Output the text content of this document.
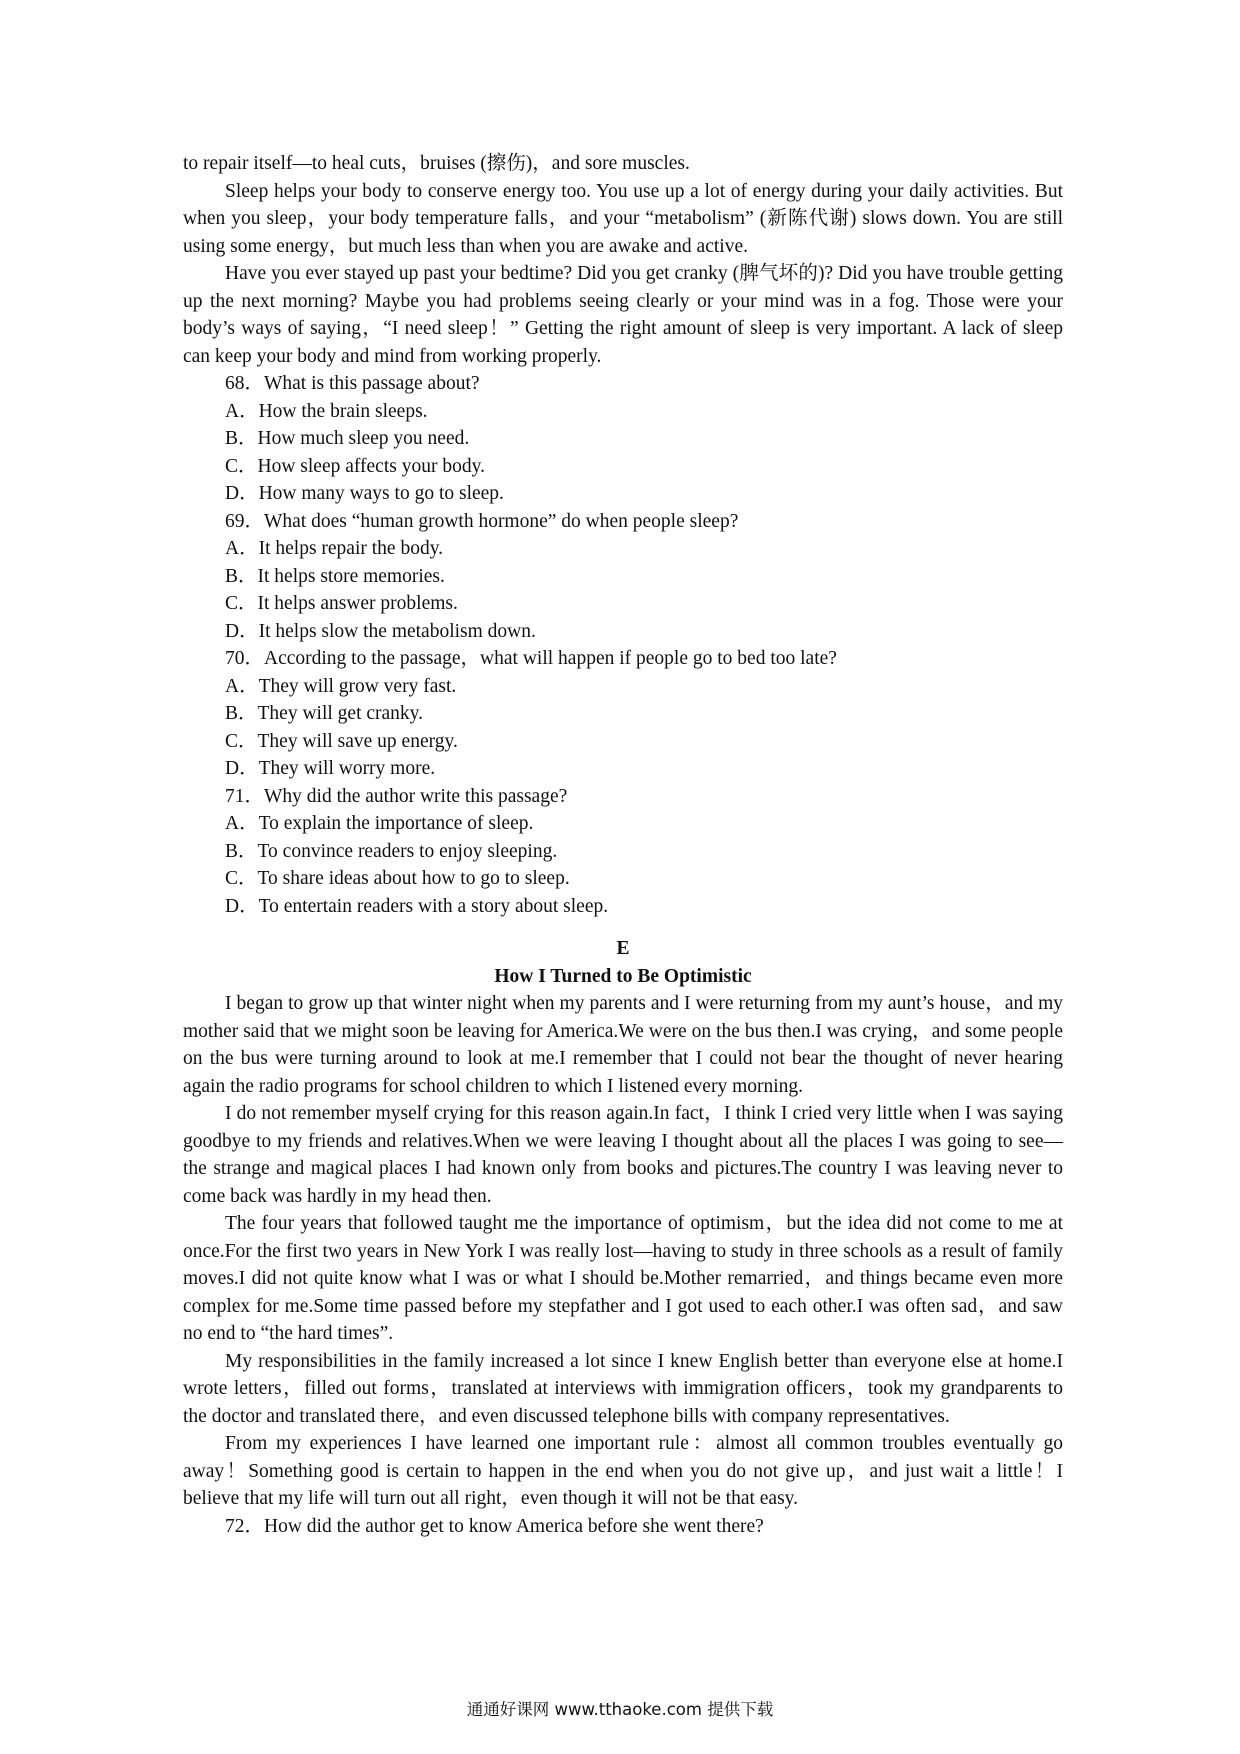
to repair itself—to heal cuts，bruises (擦伤)，and sore muscles.

Sleep helps your body to conserve energy too. You use up a lot of energy during your daily activities. But when you sleep，your body temperature falls，and your “metabolism” (新陈代谢) slows down. You are still using some energy，but much less than when you are awake and active.

Have you ever stayed up past your bedtime? Did you get cranky (脾气坏的)? Did you have trouble getting up the next morning? Maybe you had problems seeing clearly or your mind was in a fog. Those were your body’s ways of saying，“I need sleep！” Getting the right amount of sleep is very important. A lack of sleep can keep your body and mind from working properly.

68．What is this passage about?

A．How the brain sleeps.

B．How much sleep you need.

C．How sleep affects your body.

D．How many ways to go to sleep.

69．What does “human growth hormone” do when people sleep?

A．It helps repair the body.

B．It helps store memories.

C．It helps answer problems.

D．It helps slow the metabolism down.

70．According to the passage，what will happen if people go to bed too late?

A．They will grow very fast.

B．They will get cranky.

C．They will save up energy.

D．They will worry more.

71．Why did the author write this passage?

A．To explain the importance of sleep.

B．To convince readers to enjoy sleeping.

C．To share ideas about how to go to sleep.

D．To entertain readers with a story about sleep.

E

How I Turned to Be Optimistic

I began to grow up that winter night when my parents and I were returning from my aunt’s house，and my mother said that we might soon be leaving for America.We were on the bus then.I was crying，and some people on the bus were turning around to look at me.I remember that I could not bear the thought of never hearing again the radio programs for school children to which I listened every morning.

I do not remember myself crying for this reason again.In fact，I think I cried very little when I was saying goodbye to my friends and relatives.When we were leaving I thought about all the places I was going to see—the strange and magical places I had known only from books and pictures.The country I was leaving never to come back was hardly in my head then.

The four years that followed taught me the importance of optimism，but the idea did not come to me at once.For the first two years in New York I was really lost—having to study in three schools as a result of family moves.I did not quite know what I was or what I should be.Mother remarried，and things became even more complex for me.Some time passed before my stepfather and I got used to each other.I was often sad，and saw no end to “the hard times”.

My responsibilities in the family increased a lot since I knew English better than everyone else at home.I wrote letters，filled out forms，translated at interviews with immigration officers，took my grandparents to the doctor and translated there，and even discussed telephone bills with company representatives.

From my experiences I have learned one important rule：almost all common troubles eventually go away！Something good is certain to happen in the end when you do not give up，and just wait a little！I believe that my life will turn out all right，even though it will not be that easy.

72．How did the author get to know America before she went there?

通通好课网 www.tthaoke.com 提供下载
